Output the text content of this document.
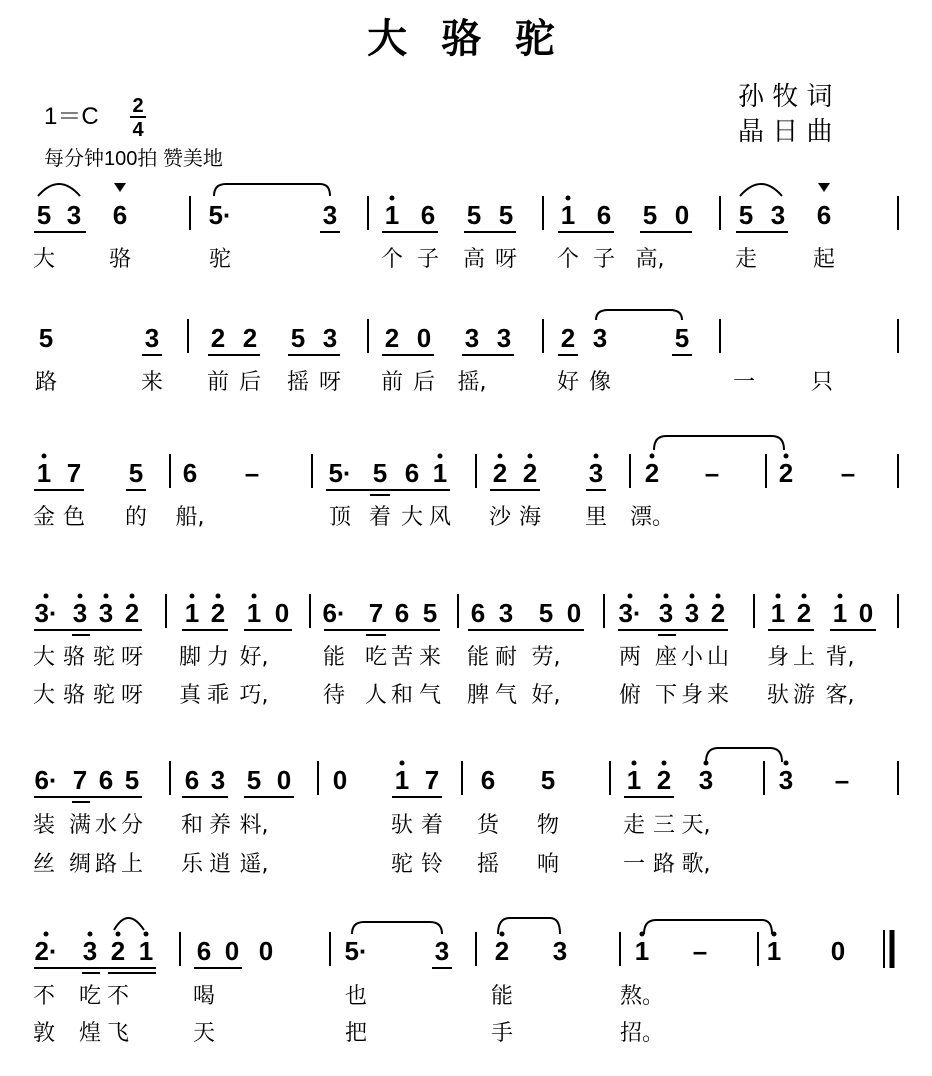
大 骆 驼
孙 牧 词
晶 日 曲
1＝C 2
4
每分钟100拍 赞美地
5 3 6	5·	3 1 6 5 5 1 6 5 0 5 3 6
大 骆	驼	个 子 高 呀 个 子 高,	走	起
5	3 2 2 5 3 2 0 3 3 2 3	5
路	来 前 后 摇 呀 前 后 摇,	好 像	一	只
1 7 5 6 –	5· 5 6 1 2 2 3 2 – 2 –
金 色 的 船,	顶 着 大 风 沙 海 里 漂。
3· 3 3 2 1 2 1 0 6· 7 6 5 6 3 5 0 3· 3 3 2 1 2 1 0
大 骆 驼 呀 脚 力 好, 能 吃 苦 来 能 耐 劳,	两 座 小 山 身 上 背,
大 骆 驼 呀 真 乖 巧, 待 人 和 气 脾 气 好,	俯 下 身 来 驮 游 客,
6· 7 6 5 6 3 5 0 0 1 7 6 5	1 2 3	3 –
装 满 水 分 和 养 料,	驮 着 货 物	走 三 天,
丝 绸 路 上 乐 逍 遥,	驼 铃 摇 响	一 路 歌,
2· 3 2 1 6 0 0	5·	3 2 3	1 – 1 0
不 吃 不	喝	也	能	熬。
敦 煌 飞	天	把	手	招。
